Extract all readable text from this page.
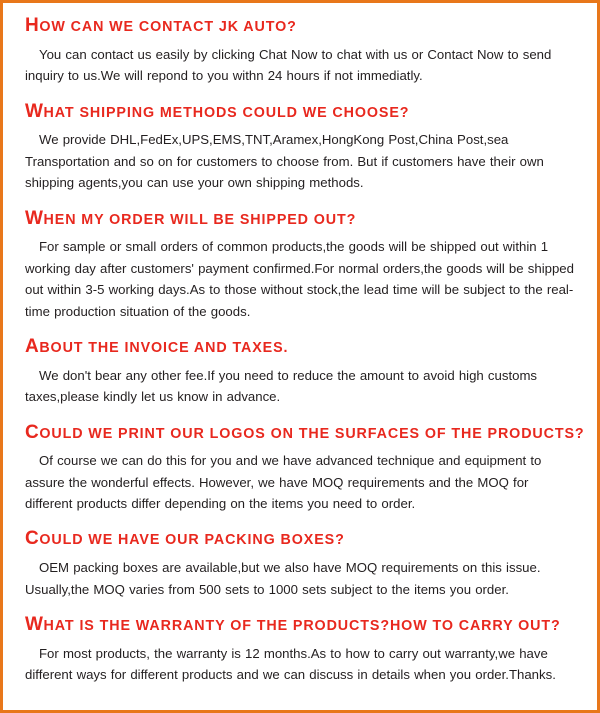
HOW CAN WE CONTACT JK AUTO?

You can contact us easily by clicking Chat Now to chat with us or Contact Now to send inquiry to us.We will repond to you withn 24 hours if not immediatly.

WHAT SHIPPING METHODS COULD WE CHOOSE?

We provide DHL,FedEx,UPS,EMS,TNT,Aramex,HongKong Post,China Post,sea Transportation and so on for customers to choose from. But if customers have their own shipping agents,you can use your own shipping methods.

WHEN MY ORDER WILL BE SHIPPED OUT?

For sample or small orders of common products,the goods will be shipped out within 1 working day after customers' payment confirmed.For normal orders,the goods will be shipped out within 3-5 working days.As to those without stock,the lead time will be subject to the real-time production situation of the goods.

ABOUT THE INVOICE AND TAXES.

We don't bear any other fee.If you need to reduce the amount to avoid high customs taxes,please kindly let us know in advance.

COULD WE PRINT OUR LOGOS ON THE SURFACES OF THE PRODUCTS?

Of course we can do this for you and we have advanced technique and equipment to assure the wonderful effects. However, we have MOQ requirements and the MOQ for different products differ depending on the items you need to order.

COULD WE HAVE OUR PACKING BOXES?

OEM packing boxes are available,but we also have MOQ requirements on this issue. Usually,the MOQ varies from 500 sets to 1000 sets subject to the items you order.

WHAT IS THE WARRANTY OF THE PRODUCTS?HOW TO CARRY OUT?

For most products, the warranty is 12 months.As to how to carry out warranty,we have different ways for different products and we can discuss in details when you order.Thanks.
